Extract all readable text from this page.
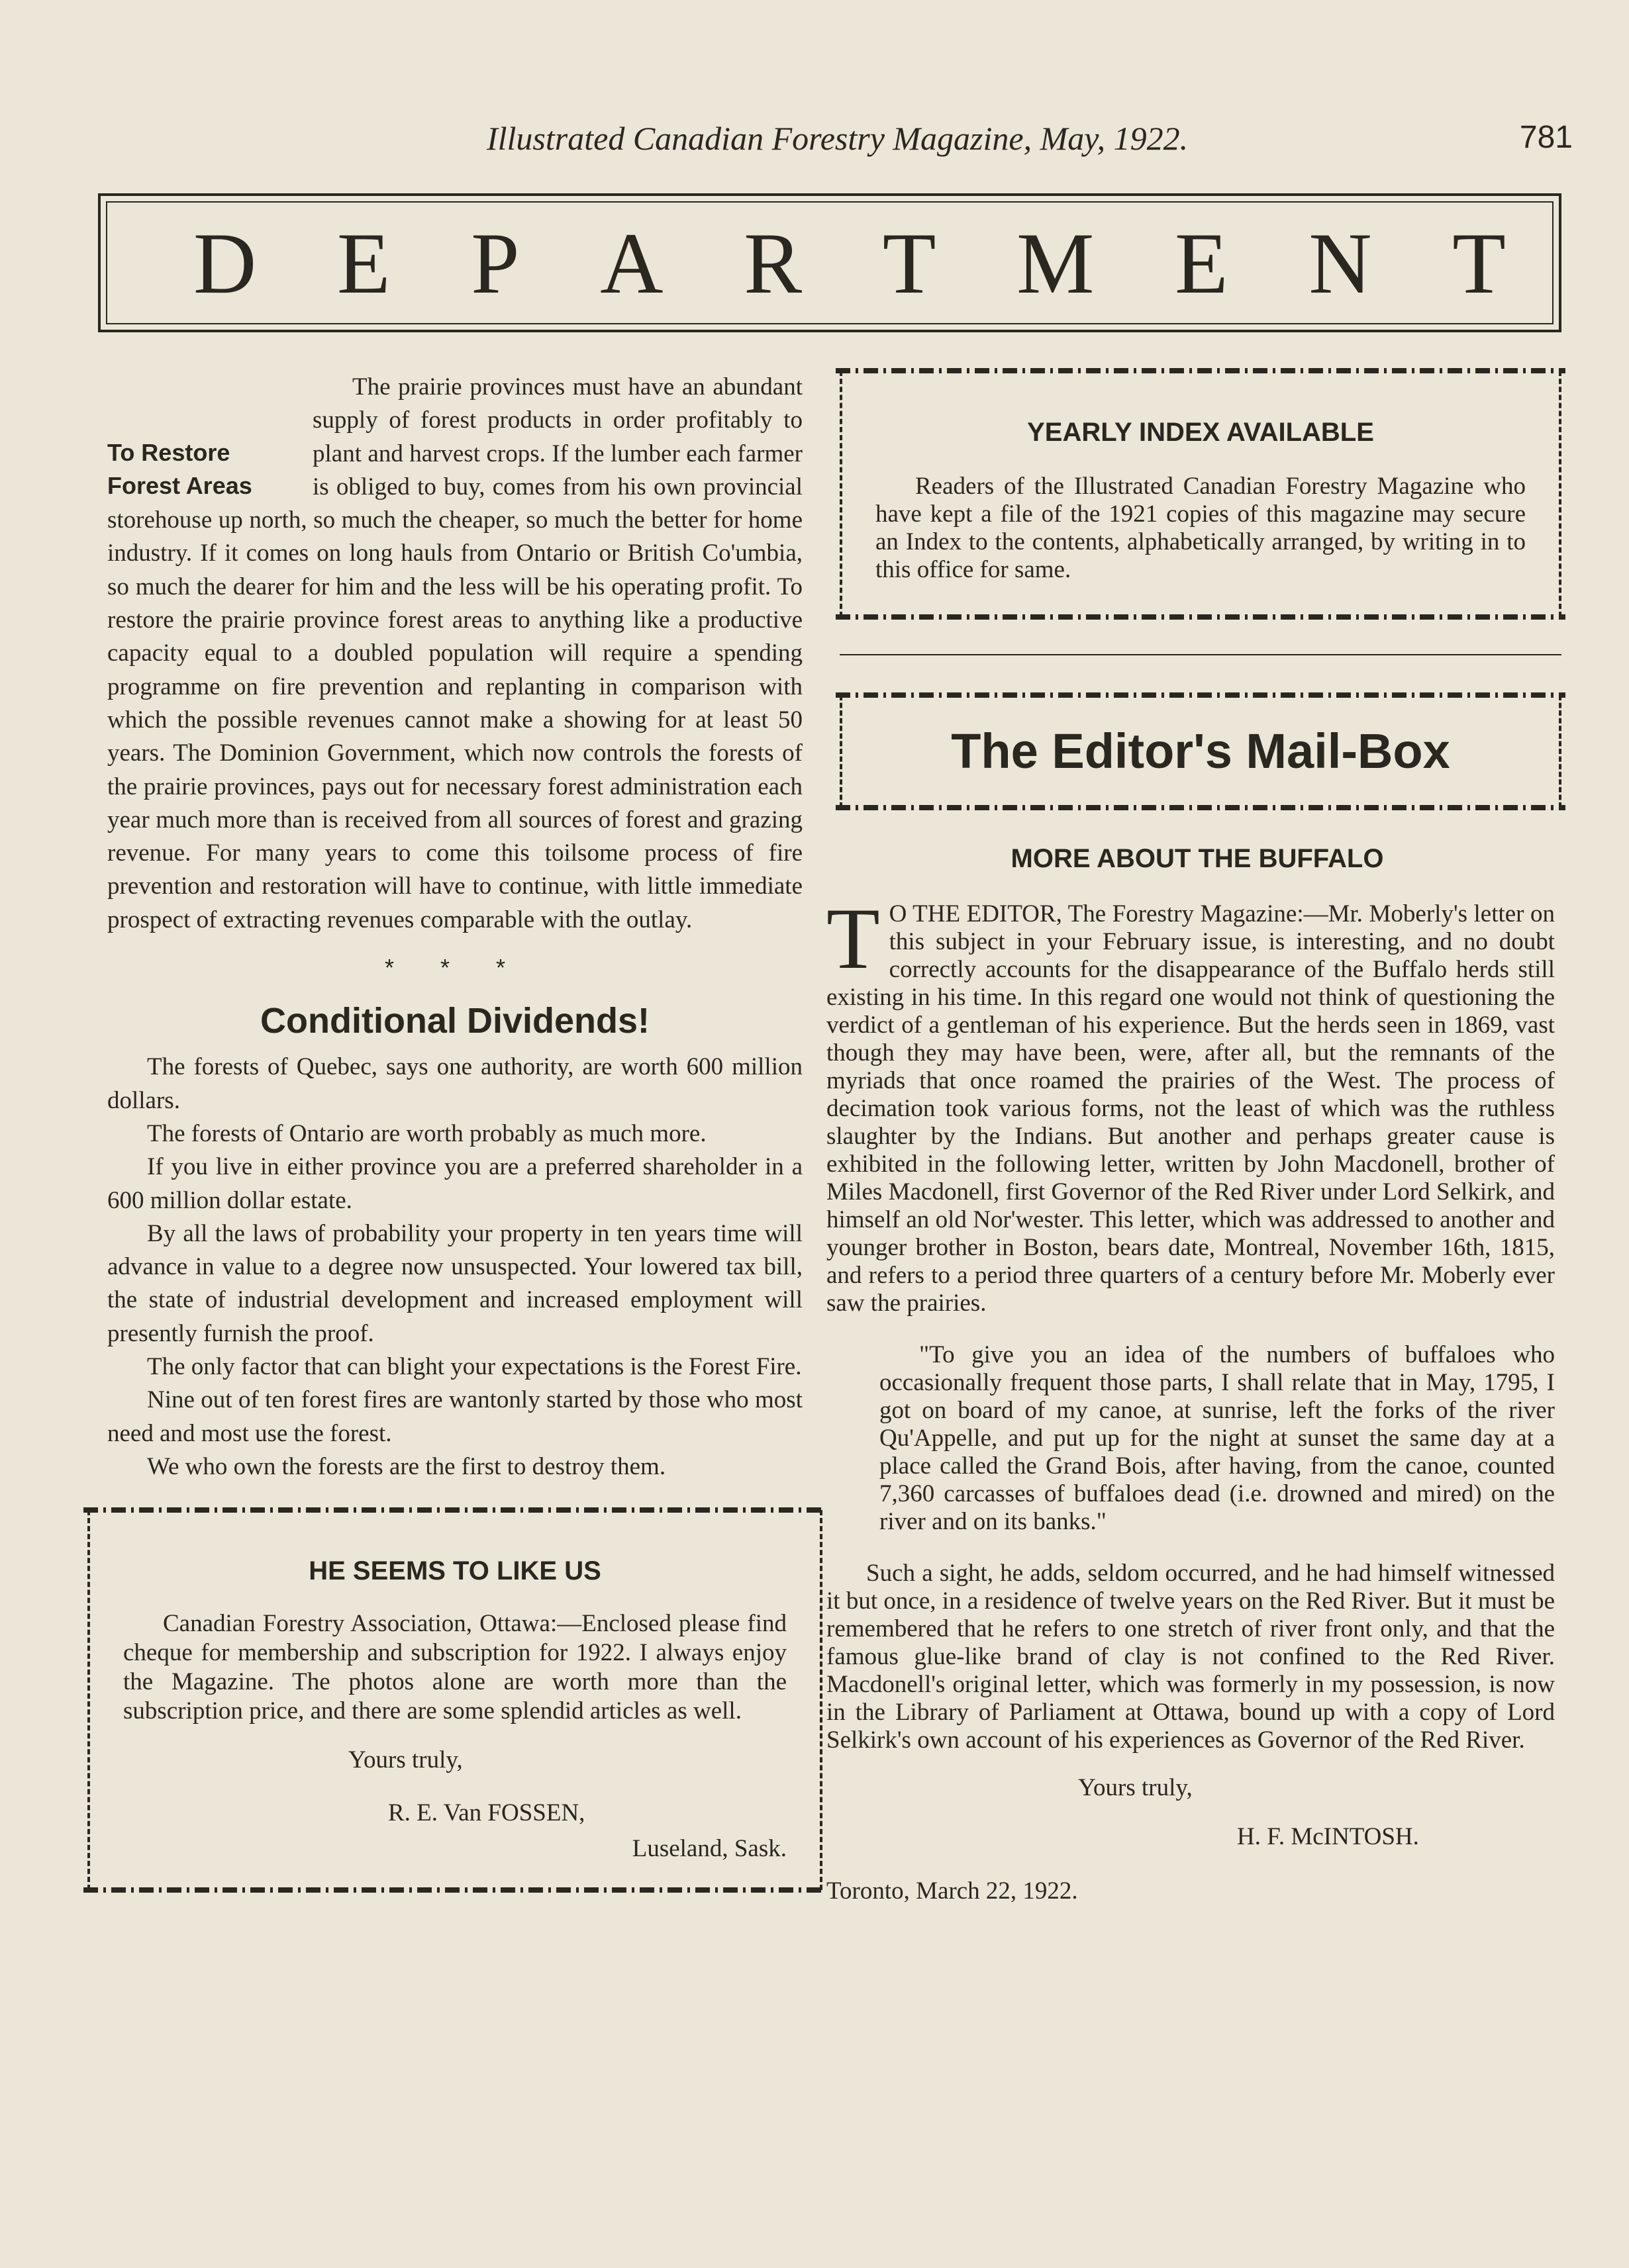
Illustrated Canadian Forestry Magazine, May, 1922.	781
D E P A R T M E N T
To Restore
Forest Areas

The prairie provinces must have an abundant supply of forest products in order profitably to plant and harvest crops. If the lumber each farmer is obliged to buy, comes from his own provincial storehouse up north, so much the cheaper, so much the better for home industry. If it comes on long hauls from Ontario or British Co'umbia, so much the dearer for him and the less will be his operating profit. To restore the prairie province forest areas to anything like a productive capacity equal to a doubled population will require a spending programme on fire prevention and replanting in comparison with which the possible revenues cannot make a showing for at least 50 years. The Dominion Government, which now controls the forests of the prairie provinces, pays out for necessary forest administration each year much more than is received from all sources of forest and grazing revenue. For many years to come this toilsome process of fire prevention and restoration will have to continue, with little immediate prospect of extracting revenues comparable with the outlay.

* * *
Conditional Dividends!

The forests of Quebec, says one authority, are worth 600 million dollars.

The forests of Ontario are worth probably as much more.

If you live in either province you are a preferred shareholder in a 600 million dollar estate.

By all the laws of probability your property in ten years time will advance in value to a degree now unsuspected. Your lowered tax bill, the state of industrial development and increased employment will presently furnish the proof.

The only factor that can blight your expectations is the Forest Fire.

Nine out of ten forest fires are wantonly started by those who most need and most use the forest.

We who own the forests are the first to destroy them.

HE SEEMS TO LIKE US

Canadian Forestry Association, Ottawa:—Enclosed please find cheque for membership and subscription for 1922. I always enjoy the Magazine. The photos alone are worth more than the subscription price, and there are some splendid articles as well.

Yours truly,
R. E. Van FOSSEN,
Luseland, Sask.
YEARLY INDEX AVAILABLE

Readers of the Illustrated Canadian Forestry Magazine who have kept a file of the 1921 copies of this magazine may secure an Index to the contents, alphabetically arranged, by writing in to this office for same.

The Editor's Mail-Box
MORE ABOUT THE BUFFALO

T O THE EDITOR, The Forestry Magazine:—Mr. Moberly's letter on this subject in your February issue, is interesting, and no doubt correctly accounts for the disappearance of the Buffalo herds still existing in his time. In this regard one would not think of questioning the verdict of a gentleman of his experience. But the herds seen in 1869, vast though they may have been, were, after all, but the remnants of the myriads that once roamed the prairies of the West. The process of decimation took various forms, not the least of which was the ruthless slaughter by the Indians. But another and perhaps greater cause is exhibited in the following letter, written by John Macdonell, brother of Miles Macdonell, first Governor of the Red River under Lord Selkirk, and himself an old Nor'wester. This letter, which was addressed to another and younger brother in Boston, bears date, Montreal, November 16th, 1815, and refers to a period three quarters of a century before Mr. Moberly ever saw the prairies.

"To give you an idea of the numbers of buffaloes who occasionally frequent those parts, I shall relate that in May, 1795, I got on board of my canoe, at sunrise, left the forks of the river Qu'Appelle, and put up for the night at sunset the same day at a place called the Grand Bois, after having, from the canoe, counted 7,360 carcasses of buffaloes dead (i.e. drowned and mired) on the river and on its banks."

Such a sight, he adds, seldom occurred, and he had himself witnessed it but once, in a residence of twelve years on the Red River. But it must be remembered that he refers to one stretch of river front only, and that the famous glue-like brand of clay is not confined to the Red River. Macdonell's original letter, which was formerly in my possession, is now in the Library of Parliament at Ottawa, bound up with a copy of Lord Selkirk's own account of his experiences as Governor of the Red River.

Yours truly,
H. F. McINTOSH.
Toronto, March 22, 1922.
